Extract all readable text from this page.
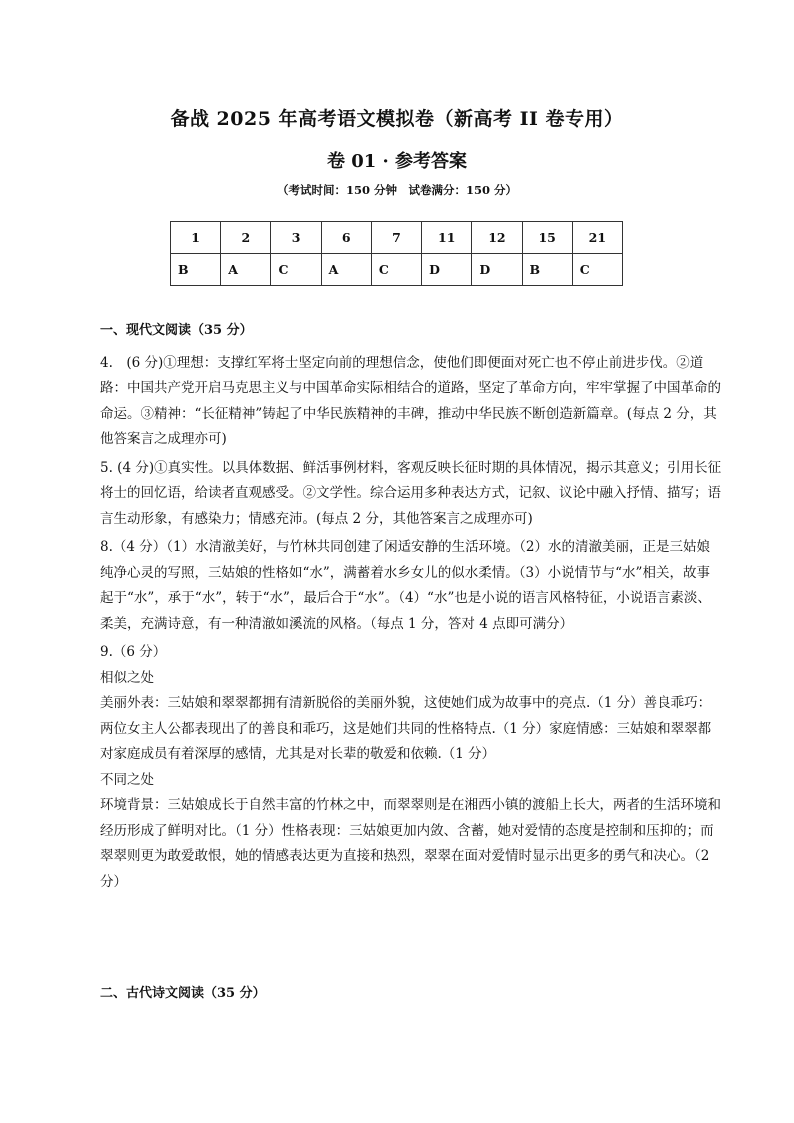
备战 2025 年高考语文模拟卷（新高考 II 卷专用）
卷 01 · 参考答案
（考试时间：150 分钟　试卷满分：150 分）
1	2	3	6	7	11	12	15	21
B	A	C	A	C	D	D	B	C

一、现代文阅读（35 分）

4.　(6 分)①理想：支撑红军将士坚定向前的理想信念，使他们即便面对死亡也不停止前进步伐。②道路：中国共产党开启马克思主义与中国革命实际相结合的道路，坚定了革命方向，牢牢掌握了中国革命的命运。③精神：“长征精神”铸起了中华民族精神的丰碑，推动中华民族不断创造新篇章。(每点 2 分，其他答案言之成理亦可)

5. (4 分)①真实性。以具体数据、鲜活事例材料，客观反映长征时期的具体情况，揭示其意义；引用长征将士的回忆语，给读者直观感受。②文学性。综合运用多种表达方式，记叙、议论中融入抒情、描写；语言生动形象，有感染力；情感充沛。(每点 2 分，其他答案言之成理亦可)

8.（4 分）（1）水清澈美好，与竹林共同创建了闲适安静的生活环境。（2）水的清澈美丽，正是三姑娘纯净心灵的写照，三姑娘的性格如“水”，满蓄着水乡女儿的似水柔情。（3）小说情节与“水”相关，故事起于“水”，承于“水”，转于“水”，最后合于“水”。（4）“水”也是小说的语言风格特征，小说语言素淡、柔美，充满诗意，有一种清澈如溪流的风格。（每点 1 分，答对 4 点即可满分）

9.（6 分）

相似之处

美丽外表：三姑娘和翠翠都拥有清新脱俗的美丽外貌，这使她们成为故事中的亮点.（1 分）善良乖巧：两位女主人公都表现出了的善良和乖巧，这是她们共同的性格特点.（1 分）家庭情感：三姑娘和翠翠都对家庭成员有着深厚的感情，尤其是对长辈的敬爱和依赖.（1 分）

不同之处

环境背景：三姑娘成长于自然丰富的竹林之中，而翠翠则是在湘西小镇的渡船上长大，两者的生活环境和经历形成了鲜明对比。（1 分）性格表现：三姑娘更加内敛、含蓄，她对爱情的态度是控制和压抑的；而翠翠则更为敢爱敢恨，她的情感表达更为直接和热烈，翠翠在面对爱情时显示出更多的勇气和决心。（2 分）

二、古代诗文阅读（35 分）
